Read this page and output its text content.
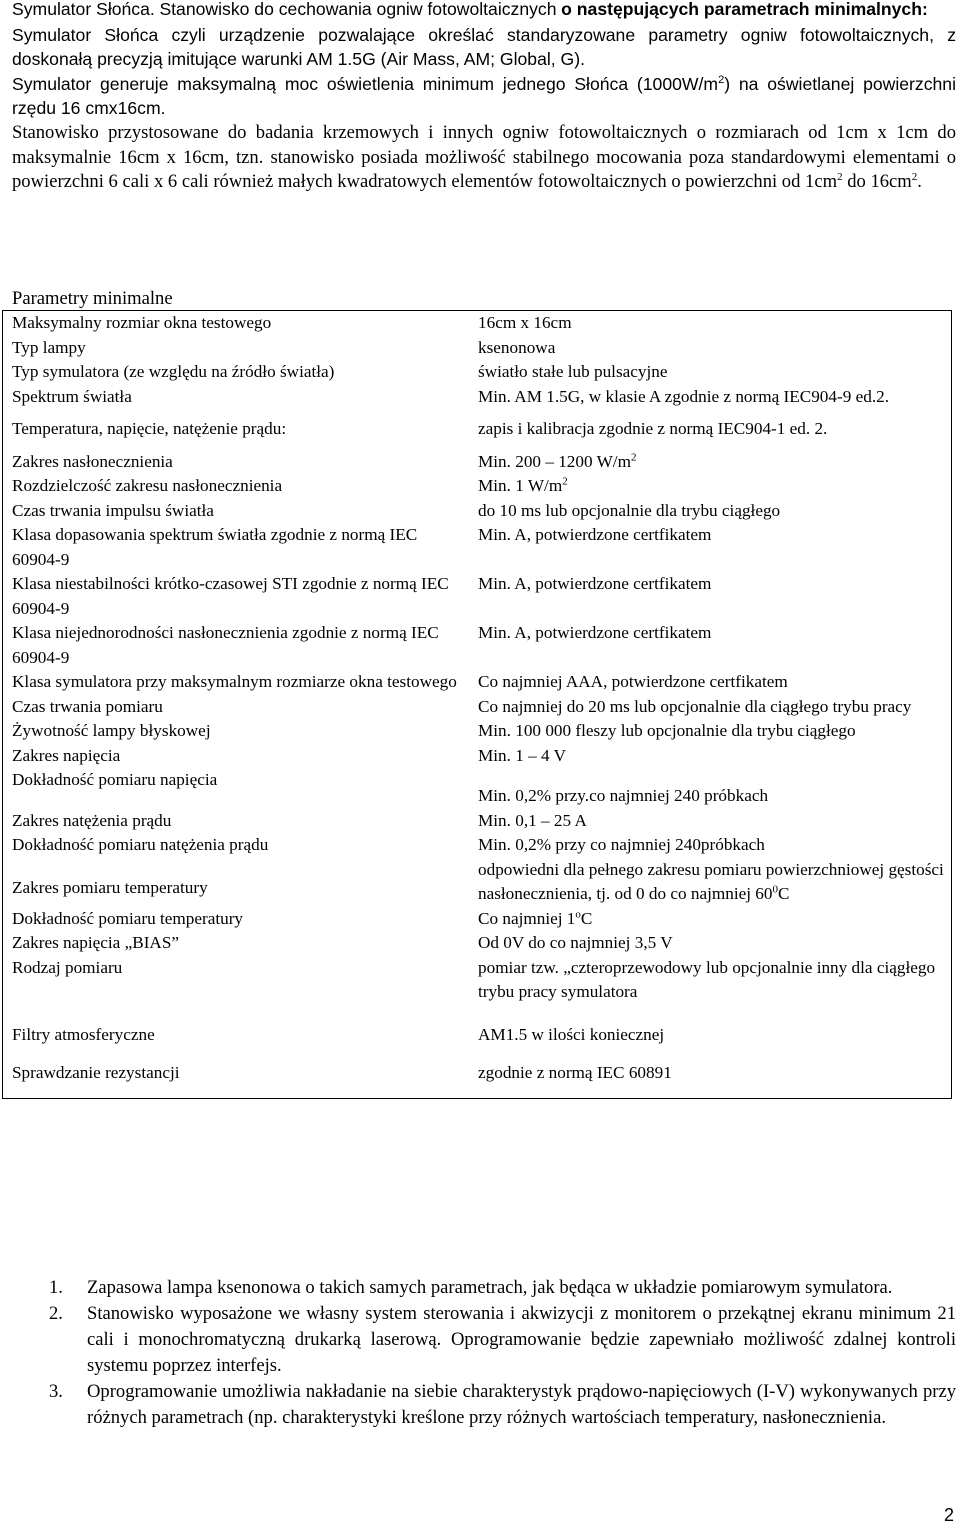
Symulator Słońca. Stanowisko do cechowania ogniw fotowoltaicznych o następujących parametrach minimalnych:

Symulator Słońca czyli urządzenie pozwalające określać standaryzowane parametry ogniw fotowoltaicznych, z doskonałą precyzją imitujące warunki AM 1.5G (Air Mass, AM; Global, G).

Symulator generuje maksymalną moc oświetlenia minimum jednego Słońca $(1000W/m^2)$ na oświetlanej powierzchni rzędu 16 cmx16cm.

Stanowisko przystosowane do badania krzemowych i innych ogniw fotowoltaicznych o rozmiarach od 1cm x 1cm do maksymalnie 16cm x 16cm, tzn. stanowisko posiada możliwość stabilnego mocowania poza standardowymi elementami o powierzchni 6 cali x 6 cali również małych kwadratowych elementów fotowoltaicznych o powierzchni od $1cm^2$ do $16cm^2$.

Parametry minimalne
Maksymalny rozmiar okna testowego	16cm x 16cm
Typ lampy	ksenonowa
Typ symulatora (ze względu na źródło światła)	światło stałe lub pulsacyjne
Spektrum światła	Min. AM 1.5G, w klasie A zgodnie z normą IEC904-9 ed.2.
Temperatura, napięcie, natężenie prądu:	zapis i kalibracja zgodnie z normą IEC904-1 ed. 2.
Zakres nasłonecznienia	Min. 200 – 1200 $W/m^2$
Rozdzielczość zakresu nasłonecznienia	Min. 1 $W/m^2$
Czas trwania impulsu światła	do 10 ms lub opcjonalnie dla trybu ciągłego
Klasa dopasowania spektrum światła zgodnie z normą IEC 60904-9	Min. A, potwierdzone certfikatem
Klasa niestabilności krótko-czasowej STI zgodnie z normą IEC 60904-9	Min. A, potwierdzone certfikatem
Klasa niejednorodności nasłonecznienia zgodnie z normą IEC 60904-9	Min. A, potwierdzone certfikatem
Klasa symulatora przy maksymalnym rozmiarze okna testowego	Co najmniej AAA, potwierdzone certfikatem
Czas trwania pomiaru	Co najmniej do 20 ms lub opcjonalnie dla ciągłego trybu pracy
Żywotność lampy błyskowej	Min. 100 000 fleszy lub opcjonalnie dla trybu ciągłego
Zakres napięcia	Min. 1 – 4 V
Dokładność pomiaru napięcia	Min. 0,2% przy.co najmniej 240 próbkach
Zakres natężenia prądu	Min. 0,1 – 25 A
Dokładność pomiaru natężenia prądu	Min. 0,2% przy co najmniej 240próbkach
Zakres pomiaru temperatury	odpowiedni dla pełnego zakresu pomiaru powierzchniowej gęstości nasłonecznienia, tj. od 0 do co najmniej $60^0C$
Dokładność pomiaru temperatury	Co najmniej 1$^o$C
Zakres napięcia „BIAS”	Od 0V do co najmniej 3,5 V
Rodzaj pomiaru	pomiar tzw. „czteroprzewodowy lub opcjonalnie inny dla ciągłego trybu pracy symulatora
Filtry atmosferyczne	AM1.5 w ilości koniecznej
Sprawdzanie rezystancji	zgodnie z normą IEC 60891
1. Zapasowa lampa ksenonowa o takich samych parametrach, jak będąca w układzie pomiarowym symulatora.
2. Stanowisko wyposażone we własny system sterowania i akwizycji z monitorem o przekątnej ekranu minimum 21 cali i monochromatyczną drukarką laserową. Oprogramowanie będzie zapewniało możliwość zdalnej kontroli systemu poprzez interfejs.
3. Oprogramowanie umożliwia nakładanie na siebie charakterystyk prądowo-napięciowych (I-V) wykonywanych przy różnych parametrach (np. charakterystyki kreślone przy różnych wartościach temperatury, nasłonecznienia.
2
